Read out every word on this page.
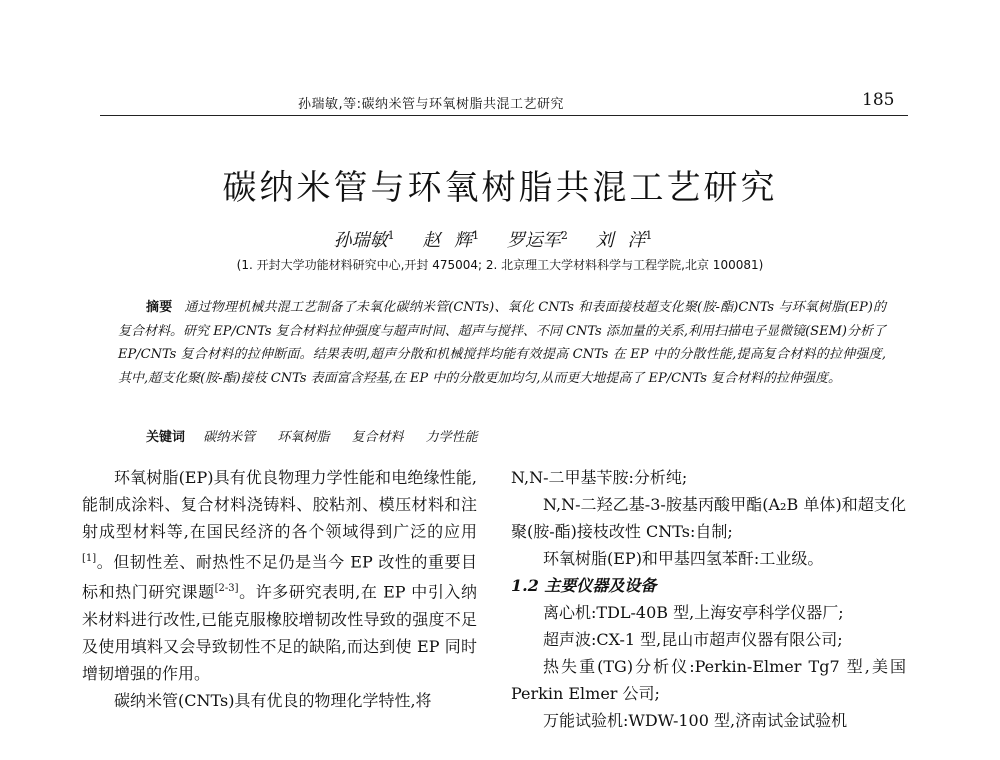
孙瑞敏,等:碳纳米管与环氧树脂共混工艺研究	185
碳纳米管与环氧树脂共混工艺研究
孙瑞敏$^1$ 赵 辉$^1$ 罗运军$^2$ 刘 洋$^1$
(1. 开封大学功能材料研究中心,开封 475004; 2. 北京理工大学材料科学与工程学院,北京 100081)
摘要 通过物理机械共混工艺制备了未氧化碳纳米管(CNTs)、氧化 CNTs 和表面接枝超支化聚(胺-酯)CNTs 与环氧树脂(EP)的复合材料。研究 EP/CNTs 复合材料拉伸强度与超声时间、超声与搅拌、不同 CNTs 添加量的关系,利用扫描电子显微镜(SEM)分析了 EP/CNTs 复合材料的拉伸断面。结果表明,超声分散和机械搅拌均能有效提高 CNTs 在 EP 中的分散性能,提高复合材料的拉伸强度,其中,超支化聚(胺-酯)接枝 CNTs 表面富含羟基,在 EP 中的分散更加均匀,从而更大地提高了 EP/CNTs 复合材料的拉伸强度。
关键词 碳纳米管 环氧树脂 复合材料 力学性能

环氧树脂(EP)具有优良物理力学性能和电绝缘性能,能制成涂料、复合材料浇铸料、胶粘剂、模压材料和注射成型材料等,在国民经济的各个领域得到广泛的应用[1]。但韧性差、耐热性不足仍是当今 EP 改性的重要目标和热门研究课题[2-3]。许多研究表明,在 EP 中引入纳米材料进行改性,已能克服橡胶增韧改性导致的强度不足及使用填料又会导致韧性不足的缺陷,而达到使 EP 同时增韧增强的作用。

碳纳米管(CNTs)具有优良的物理化学特性,将

N,N-二甲基苄胺:分析纯;

N,N-二羟乙基-3-胺基丙酸甲酯(A₂B 单体)和超支化聚(胺-酯)接枝改性 CNTs:自制;

环氧树脂(EP)和甲基四氢苯酐:工业级。

1.2 主要仪器及设备

离心机:TDL-40B 型,上海安亭科学仪器厂;

超声波:CX-1 型,昆山市超声仪器有限公司;

热失重(TG)分析仪:Perkin-Elmer Tg7 型,美国 Perkin Elmer 公司;

万能试验机:WDW-100 型,济南试金试验机
